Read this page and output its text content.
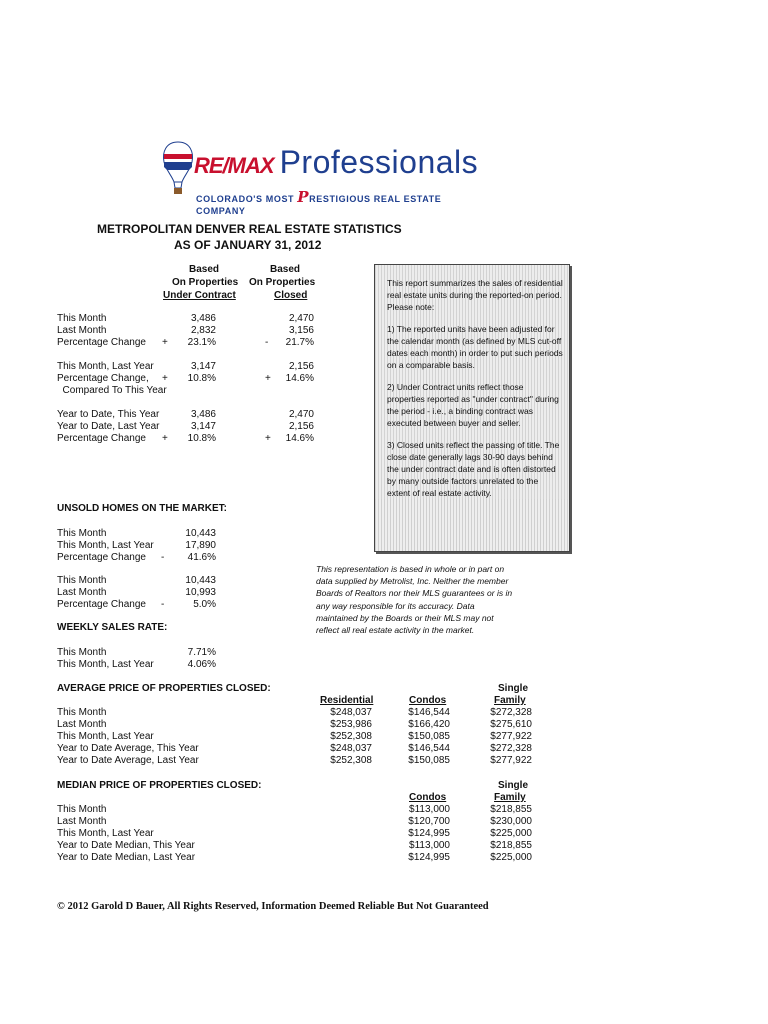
RE/MAX Professionals
COLORADO'S MOST PRESTIGIOUS REAL ESTATE COMPANY
METROPOLITAN DENVER REAL ESTATE STATISTICS
AS OF JANUARY 31, 2012
Based
On Properties
Under Contract
Based
On Properties
Closed
This Month	3,486	2,470
Last Month	2,832	3,156
Percentage Change +	23.1%	-	21.7%
This Month, Last Year	3,147	2,156
Percentage Change, +	10.8%	+	14.6%
Compared To This Year
Year to Date, This Year	3,486	2,470
Year to Date, Last Year	3,147	2,156
Percentage Change +	10.8%	+	14.6%

This report summarizes the sales of residential real estate units during the reported-on period. Please note:

1) The reported units have been adjusted for the calendar month (as defined by MLS cut-off dates each month) in order to put such periods on a comparable basis.

2) Under Contract units reflect those properties reported as "under contract" during the period - i.e., a binding contract was executed between buyer and seller.

3) Closed units reflect the passing of title. The close date generally lags 30-90 days behind the under contract date and is often distorted by many outside factors unrelated to the extent of real estate activity.

UNSOLD HOMES ON THE MARKET:
This Month	10,443
This Month, Last Year	17,890
Percentage Change -	41.6%
This Month	10,443
Last Month	10,993
Percentage Change -	5.0%
This representation is based in whole or in part on data supplied by Metrolist, Inc. Neither the member Boards of Realtors nor their MLS guarantees or is in any way responsible for its accuracy. Data maintained by the Boards or their MLS may not reflect all real estate activity in the market.
WEEKLY SALES RATE:
This Month	7.71%
This Month, Last Year	4.06%
AVERAGE PRICE OF PROPERTIES CLOSED:	Single
Residential	Condos	Family
This Month	$248,037	$146,544	$272,328
Last Month	$253,986	$166,420	$275,610
This Month, Last Year	$252,308	$150,085	$277,922
Year to Date Average, This Year	$248,037	$146,544	$272,328
Year to Date Average, Last Year	$252,308	$150,085	$277,922
MEDIAN PRICE OF PROPERTIES CLOSED:	Single
Condos	Family
This Month	$113,000	$218,855
Last Month	$120,700	$230,000
This Month, Last Year	$124,995	$225,000
Year to Date Median, This Year	$113,000	$218,855
Year to Date Median, Last Year	$124,995	$225,000
© 2012 Garold D Bauer, All Rights Reserved, Information Deemed Reliable But Not Guaranteed
